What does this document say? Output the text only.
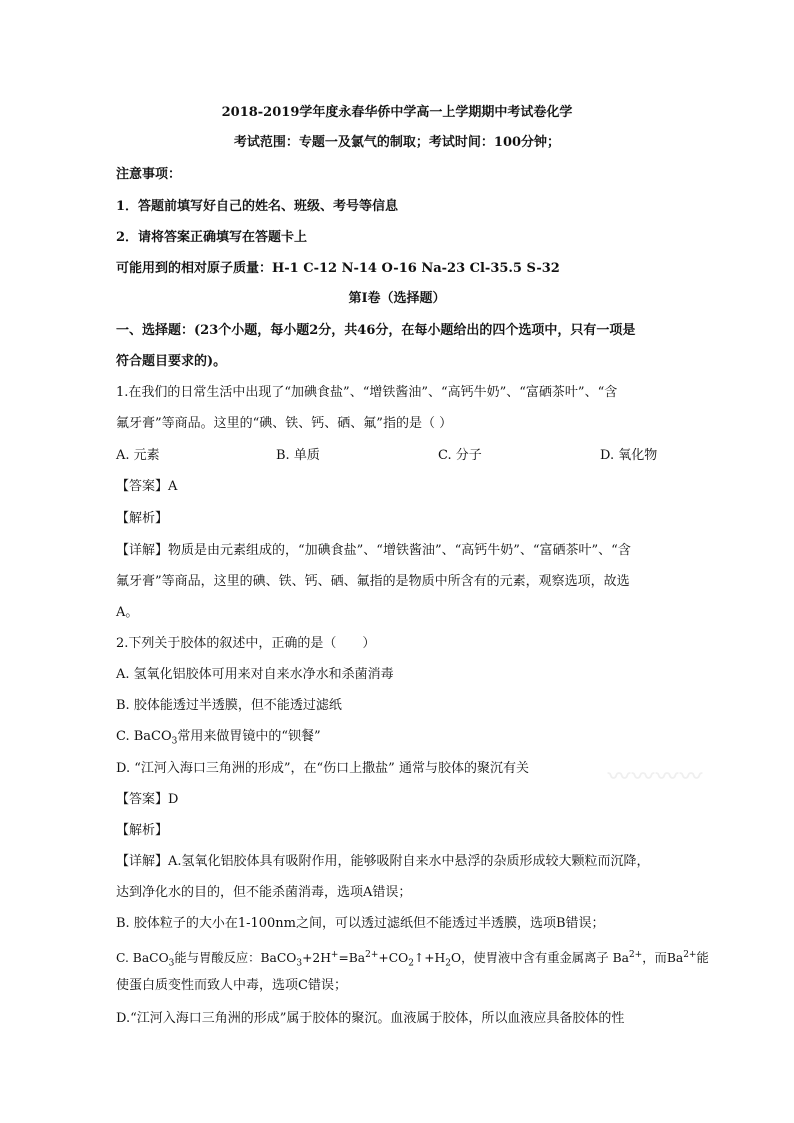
2018-2019学年度永春华侨中学高一上学期期中考试卷化学
考试范围：专题一及氯气的制取；考试时间：100分钟；
注意事项：
1．答题前填写好自己的姓名、班级、考号等信息
2．请将答案正确填写在答题卡上
可能用到的相对原子质量：H-1 C-12 N-14 O-16 Na-23 Cl-35.5 S-32
第I卷（选择题）
一、选择题：(23个小题，每小题2分，共46分，在每小题给出的四个选项中，只有一项是
符合题目要求的)。
1.在我们的日常生活中出现了“加碘食盐”、“增铁酱油”、“高钙牛奶”、“富硒茶叶”、“含
氟牙膏”等商品。这里的“碘、铁、钙、硒、氟”指的是（ ）
A. 元素	B. 单质	C. 分子	D. 氧化物
【答案】A
【解析】
【详解】物质是由元素组成的，“加碘食盐”、“增铁酱油”、“高钙牛奶”、“富硒茶叶”、“含
氟牙膏”等商品，这里的碘、铁、钙、硒、氟指的是物质中所含有的元素，观察选项，故选
A。
2.下列关于胶体的叙述中，正确的是（　　）
A. 氢氧化铝胶体可用来对自来水净水和杀菌消毒
B. 胶体能透过半透膜，但不能透过滤纸
C. BaCO$_3$常用来做胃镜中的“钡餐”
D. “江河入海口三角洲的形成”，在“伤口上撒盐” 通常与胶体的聚沉有关	〰〰〰〰
【答案】D
【解析】
【详解】A.氢氧化铝胶体具有吸附作用，能够吸附自来水中悬浮的杂质形成较大颗粒而沉降，
达到净化水的目的，但不能杀菌消毒，选项A错误；
B. 胶体粒子的大小在1-100nm之间，可以透过滤纸但不能透过半透膜，选项B错误；
C. BaCO$_3$能与胃酸反应：$BaCO_3+2H^+=Ba^{2+}+CO_2↑+H_2O$，使胃液中含有重金属离子 $Ba^{2+}$，而$Ba^{2+}$能
使蛋白质变性而致人中毒，选项C错误；
D.“江河入海口三角洲的形成”属于胶体的聚沉。血液属于胶体，所以血液应具备胶体的性
